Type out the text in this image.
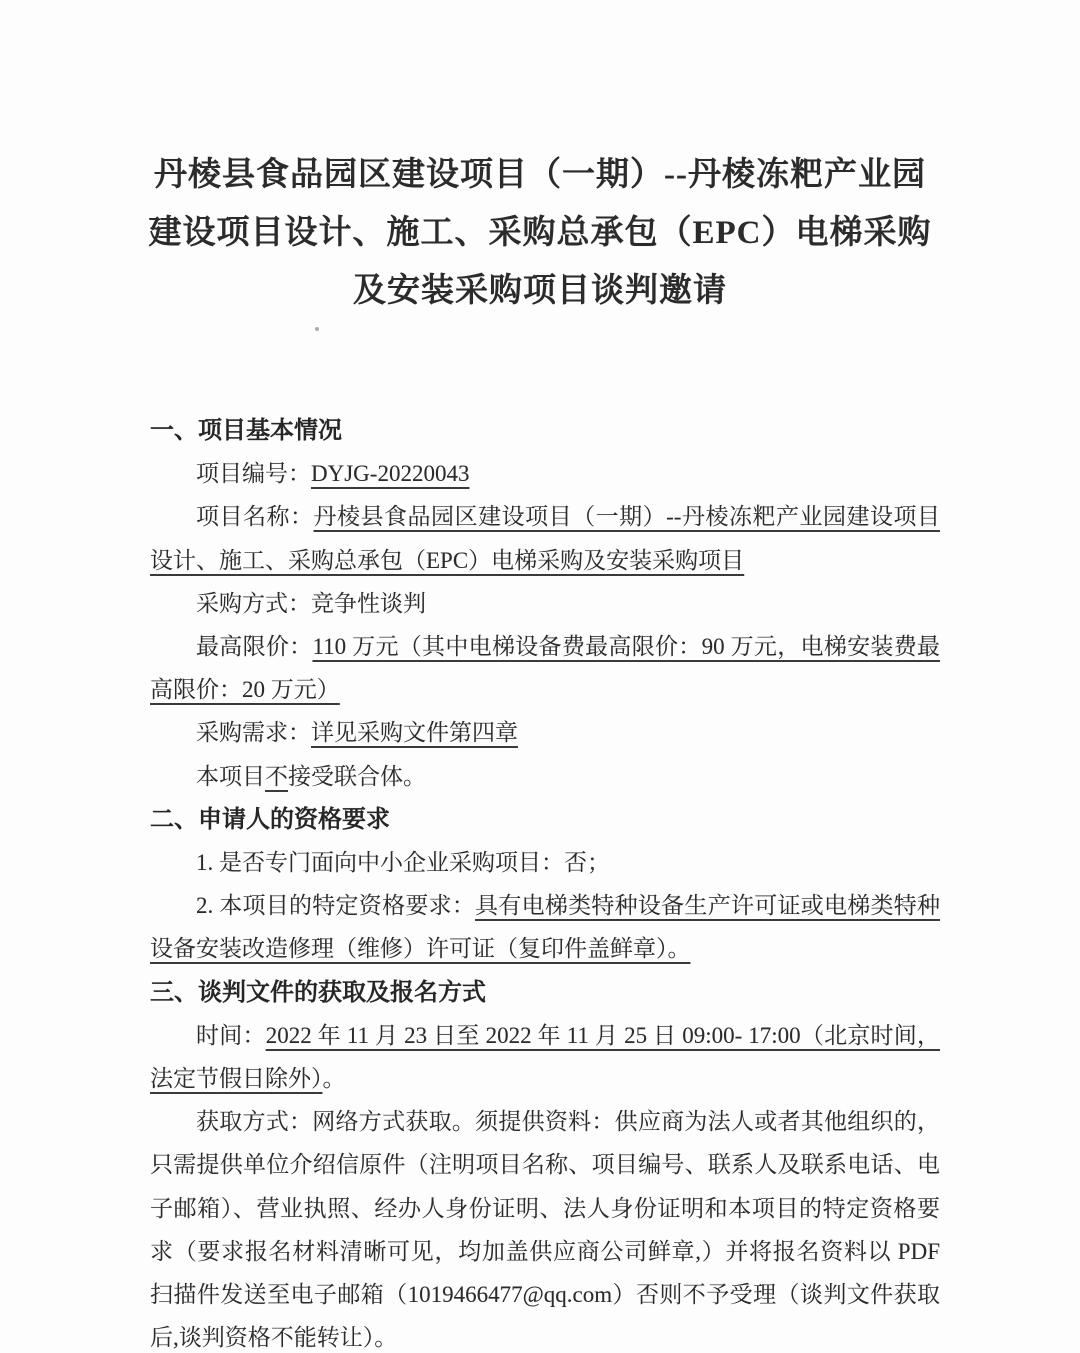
丹棱县食品园区建设项目（一期）--丹棱冻粑产业园
建设项目设计、施工、采购总承包（EPC）电梯采购
及安装采购项目谈判邀请
一、项目基本情况

项目编号：DYJG-20220043

项目名称：丹棱县食品园区建设项目（一期）--丹棱冻粑产业园建设项目设计、施工、采购总承包（EPC）电梯采购及安装采购项目

采购方式：竞争性谈判

最高限价：110 万元（其中电梯设备费最高限价：90 万元，电梯安装费最高限价：20 万元）

采购需求：详见采购文件第四章

本项目不接受联合体。

二、申请人的资格要求

1. 是否专门面向中小企业采购项目：否；

2. 本项目的特定资格要求：具有电梯类特种设备生产许可证或电梯类特种设备安装改造修理（维修）许可证（复印件盖鲜章）。

三、谈判文件的获取及报名方式

时间：2022 年 11 月 23 日至 2022 年 11 月 25 日 09:00- 17:00（北京时间，法定节假日除外）。

获取方式：网络方式获取。须提供资料：供应商为法人或者其他组织的，只需提供单位介绍信原件（注明项目名称、项目编号、联系人及联系电话、电子邮箱）、营业执照、经办人身份证明、法人身份证明和本项目的特定资格要求（要求报名材料清晰可见，均加盖供应商公司鲜章,）并将报名资料以 PDF 扫描件发送至电子邮箱（1019466477@qq.com）否则不予受理（谈判文件获取后,谈判资格不能转让）。
